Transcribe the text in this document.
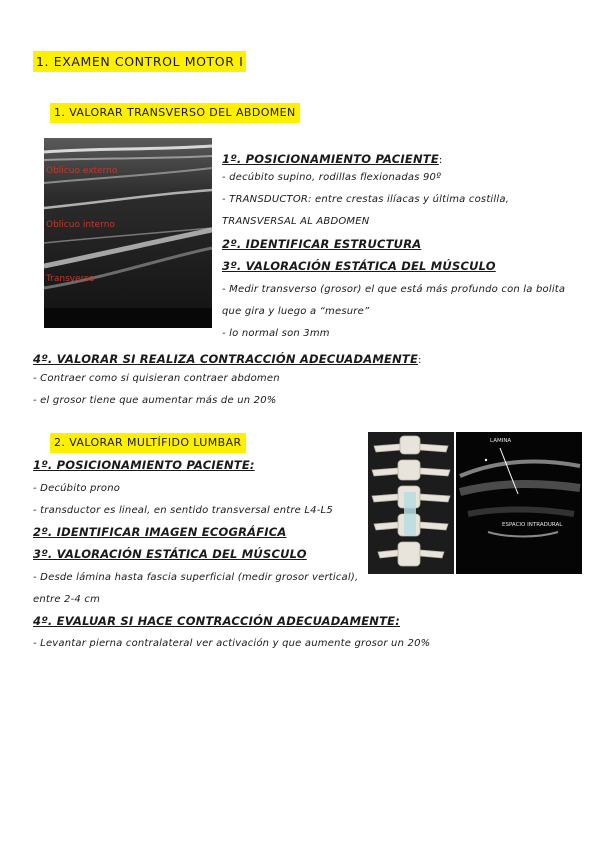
1. EXAMEN CONTROL MOTOR I
1. VALORAR TRANSVERSO DEL ABDOMEN
Oblicuo externo
Oblicuo interno
Transverso
1º. POSICIONAMIENTO PACIENTE:
- decúbito supino, rodillas flexionadas 90º
- TRANSDUCTOR: entre crestas ilíacas y última costilla,
TRANSVERSAL AL ABDOMEN
2º. IDENTIFICAR ESTRUCTURA
3º. VALORACIÓN ESTÁTICA DEL MÚSCULO
- Medir transverso (grosor) el que está más profundo con la bolita
que gira y luego a “mesure”
- lo normal son 3mm
4º. VALORAR SI REALIZA CONTRACCIÓN ADECUADAMENTE:
- Contraer como si quisieran contraer abdomen
- el grosor tiene que aumentar más de un 20%
2. VALORAR MULTÍFIDO LUMBAR	LAMINA
ESPACIO INTRADURAL
1º. POSICIONAMIENTO PACIENTE:
- Decúbito prono
- transductor es lineal, en sentido transversal entre L4-L5
2º. IDENTIFICAR IMAGEN ECOGRÁFICA
3º. VALORACIÓN ESTÁTICA DEL MÚSCULO
- Desde lámina hasta fascia superficial (medir grosor vertical),
entre 2-4 cm
4º. EVALUAR SI HACE CONTRACCIÓN ADECUADAMENTE:
- Levantar pierna contralateral ver activación y que aumente grosor un 20%
